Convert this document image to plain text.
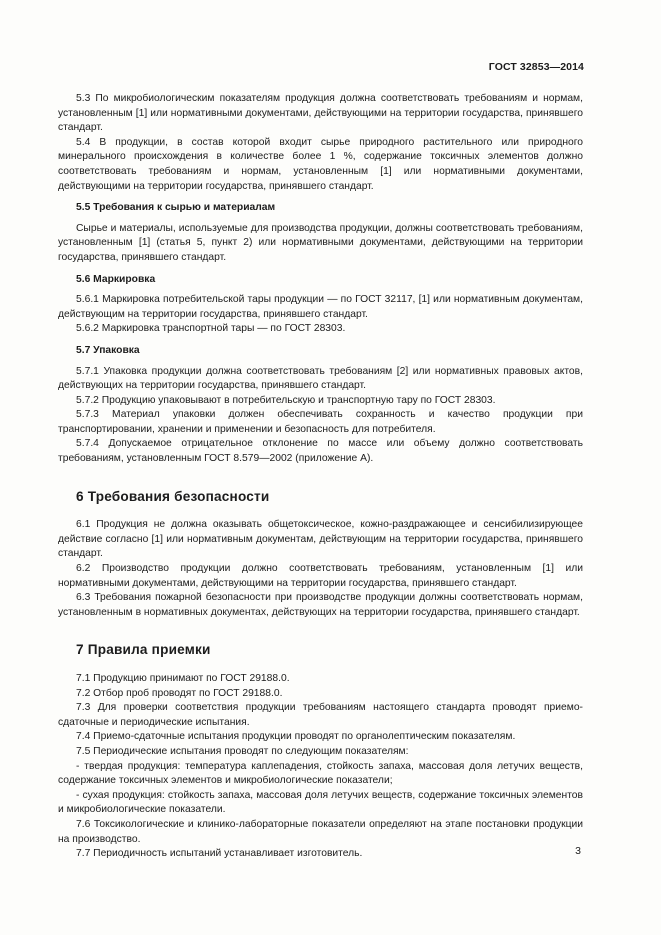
ГОСТ 32853—2014

5.3 По микробиологическим показателям продукция должна соответствовать требованиям и нормам, установленным [1] или нормативными документами, действующими на территории государства, принявшего стандарт.

5.4 В продукции, в состав которой входит сырье природного растительного или природного минерального происхождения в количестве более 1 %, содержание токсичных элементов должно соответствовать требованиям и нормам, установленным [1] или нормативными документами, действующими на территории государства, принявшего стандарт.

5.5 Требования к сырью и материалам

Сырье и материалы, используемые для производства продукции, должны соответствовать требованиям, установленным [1] (статья 5, пункт 2) или нормативными документами, действующими на территории государства, принявшего стандарт.

5.6 Маркировка

5.6.1 Маркировка потребительской тары продукции — по ГОСТ 32117, [1] или нормативным документам, действующим на территории государства, принявшего стандарт.

5.6.2 Маркировка транспортной тары — по ГОСТ 28303.

5.7 Упаковка

5.7.1 Упаковка продукции должна соответствовать требованиям [2] или нормативных правовых актов, действующих на территории государства, принявшего стандарт.

5.7.2 Продукцию упаковывают в потребительскую и транспортную тару по ГОСТ 28303.

5.7.3 Материал упаковки должен обеспечивать сохранность и качество продукции при транспортировании, хранении и применении и безопасность для потребителя.

5.7.4 Допускаемое отрицательное отклонение по массе или объему должно соответствовать требованиям, установленным ГОСТ 8.579—2002 (приложение А).

6 Требования безопасности

6.1 Продукция не должна оказывать общетоксическое, кожно-раздражающее и сенсибилизирующее действие согласно [1] или нормативным документам, действующим на территории государства, принявшего стандарт.

6.2 Производство продукции должно соответствовать требованиям, установленным [1] или нормативными документами, действующими на территории государства, принявшего стандарт.

6.3 Требования пожарной безопасности при производстве продукции должны соответствовать нормам, установленным в нормативных документах, действующих на территории государства, принявшего стандарт.

7 Правила приемки

7.1 Продукцию принимают по ГОСТ 29188.0.

7.2 Отбор проб проводят по ГОСТ 29188.0.

7.3 Для проверки соответствия продукции требованиям настоящего стандарта проводят приемо-сдаточные и периодические испытания.

7.4 Приемо-сдаточные испытания продукции проводят по органолептическим показателям.

7.5 Периодические испытания проводят по следующим показателям:

- твердая продукция: температура каплепадения, стойкость запаха, массовая доля летучих веществ, содержание токсичных элементов и микробиологические показатели;

- сухая продукция: стойкость запаха, массовая доля летучих веществ, содержание токсичных элементов и микробиологические показатели.

7.6 Токсикологические и клинико-лабораторные показатели определяют на этапе постановки продукции на производство.

7.7 Периодичность испытаний устанавливает изготовитель.	3
